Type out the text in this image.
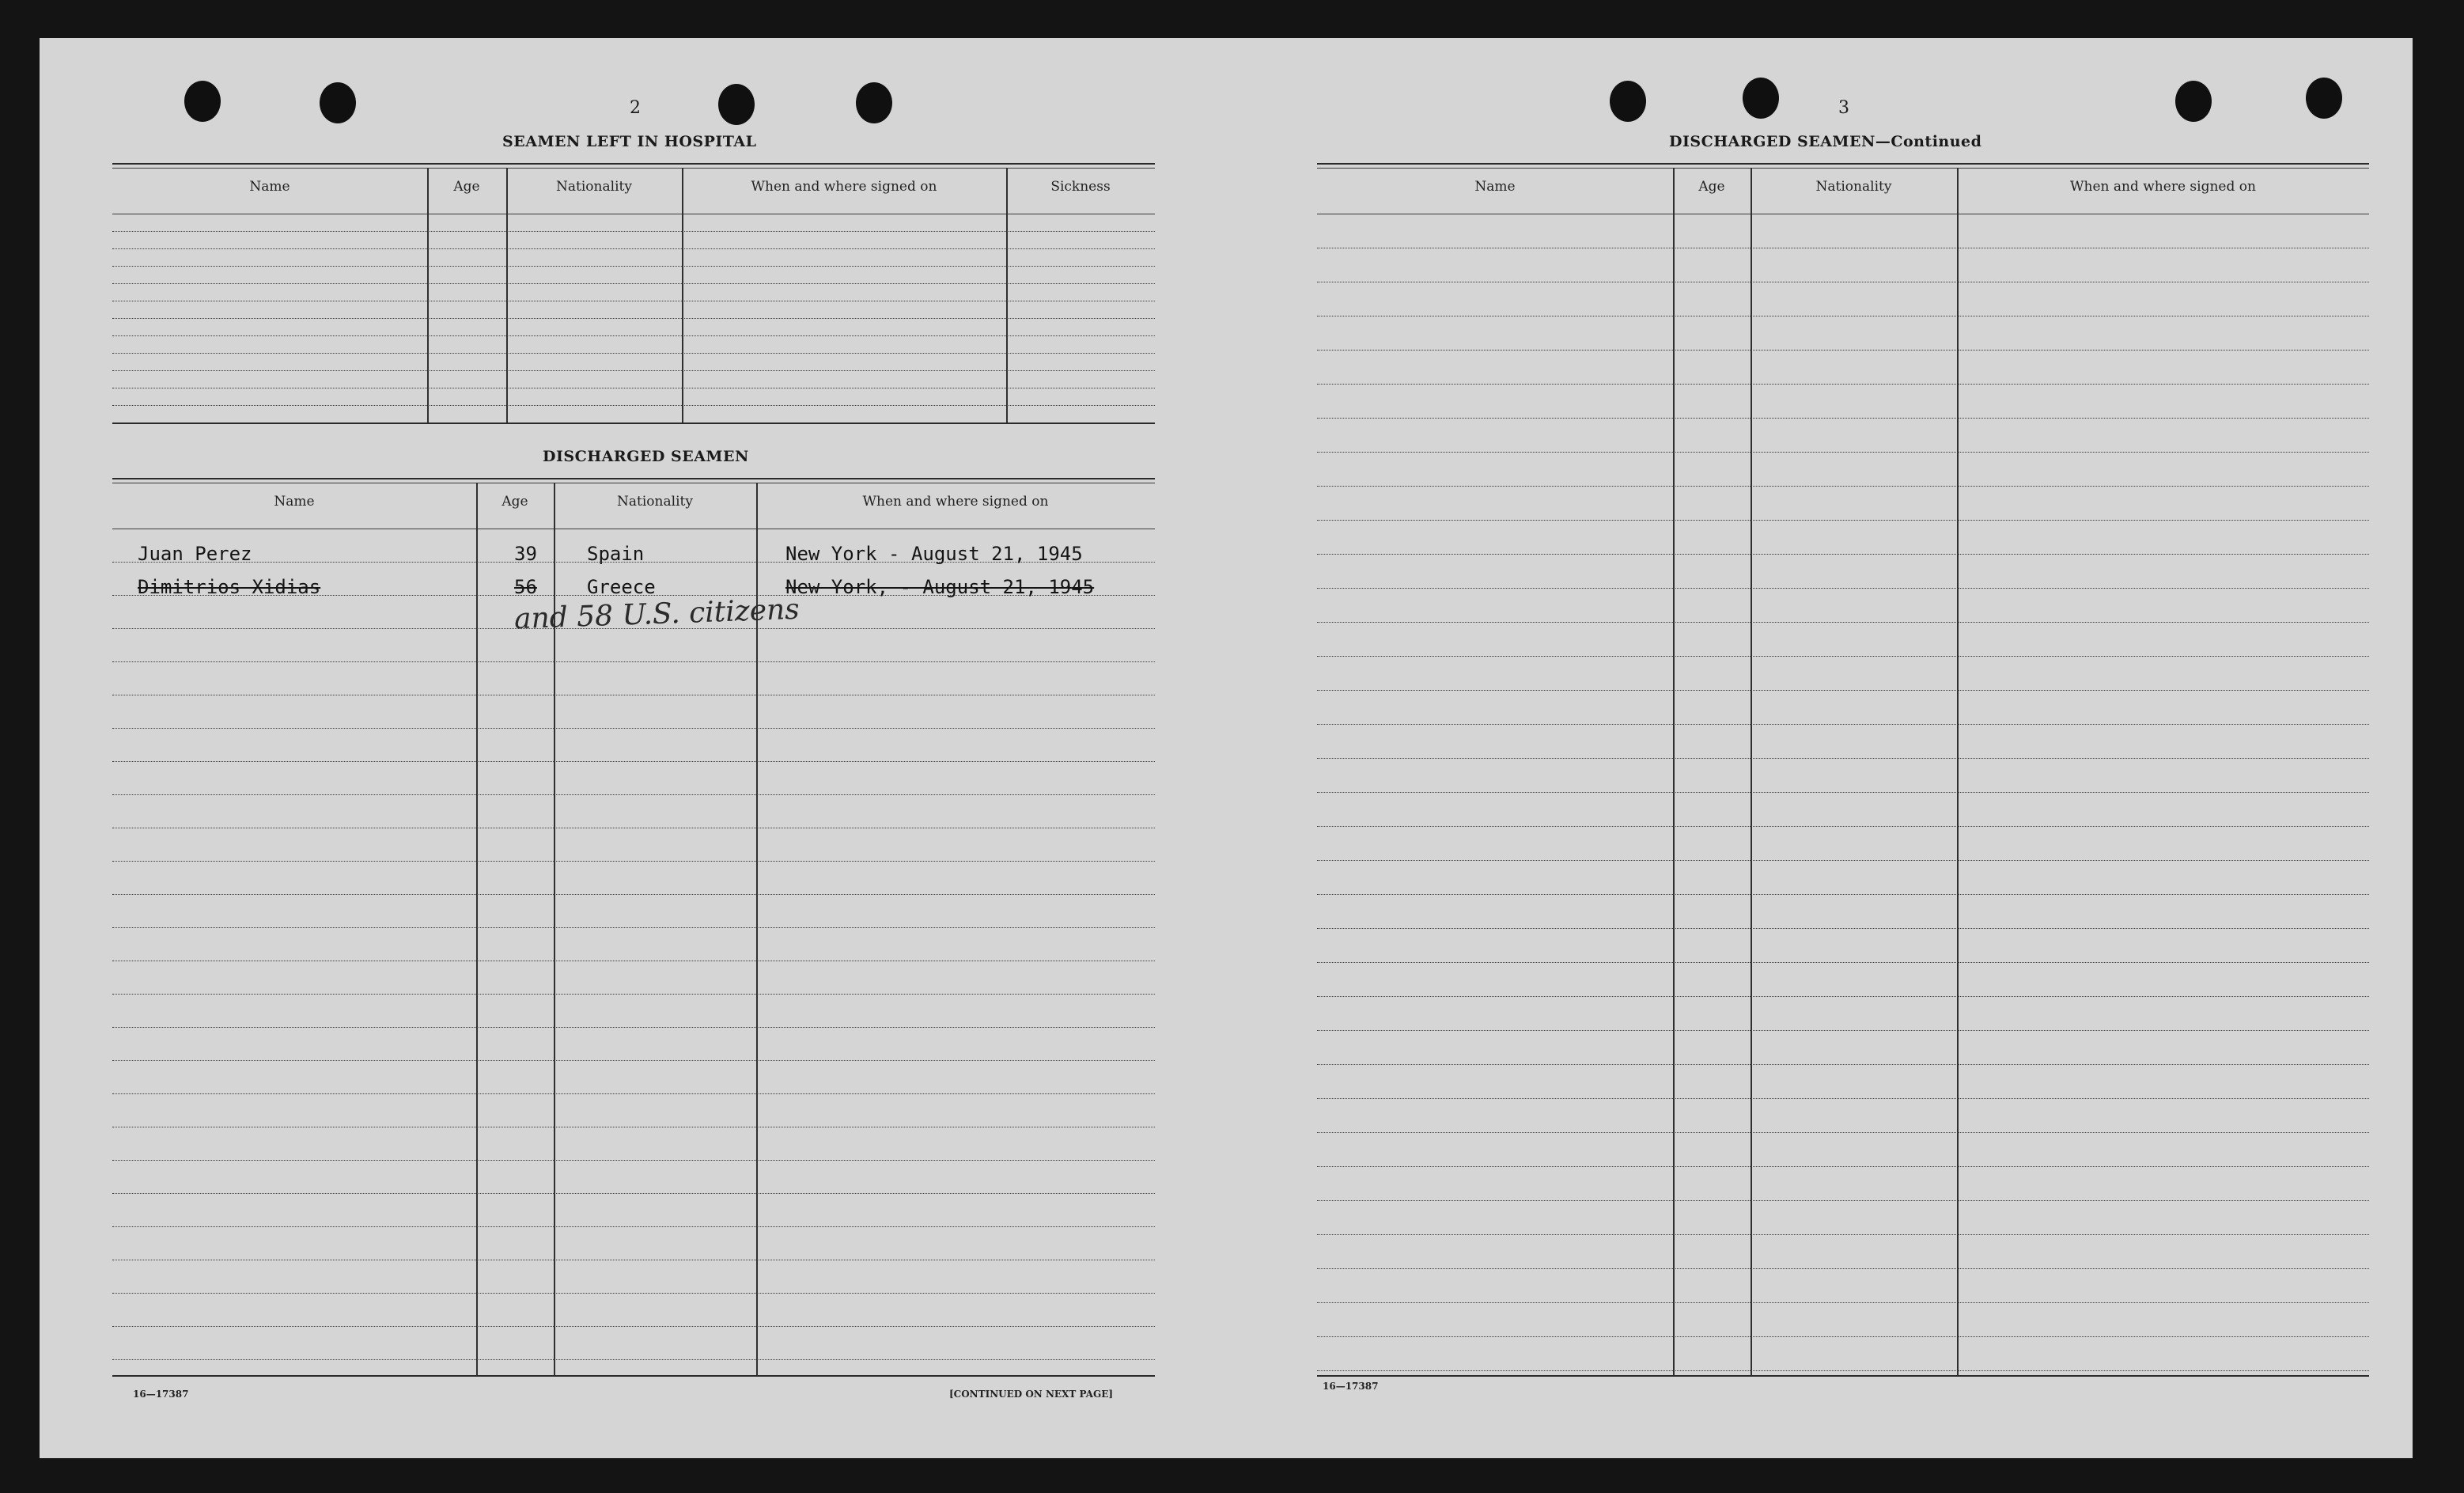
2
SEAMEN LEFT IN HOSPITAL
Name	Age	Nationality	When and where signed on	Sickness
DISCHARGED SEAMEN
Name	Age	Nationality	When and where signed on
Juan Perez	39	Spain	New York - August 21, 1945
Dimitrios Xidias	56	Greece	New York, - August 21, 1945
and 58 U.S. citizens
16—17387	[CONTINUED ON NEXT PAGE]
3
DISCHARGED SEAMEN—Continued
Name	Age	Nationality	When and where signed on
16—17387
